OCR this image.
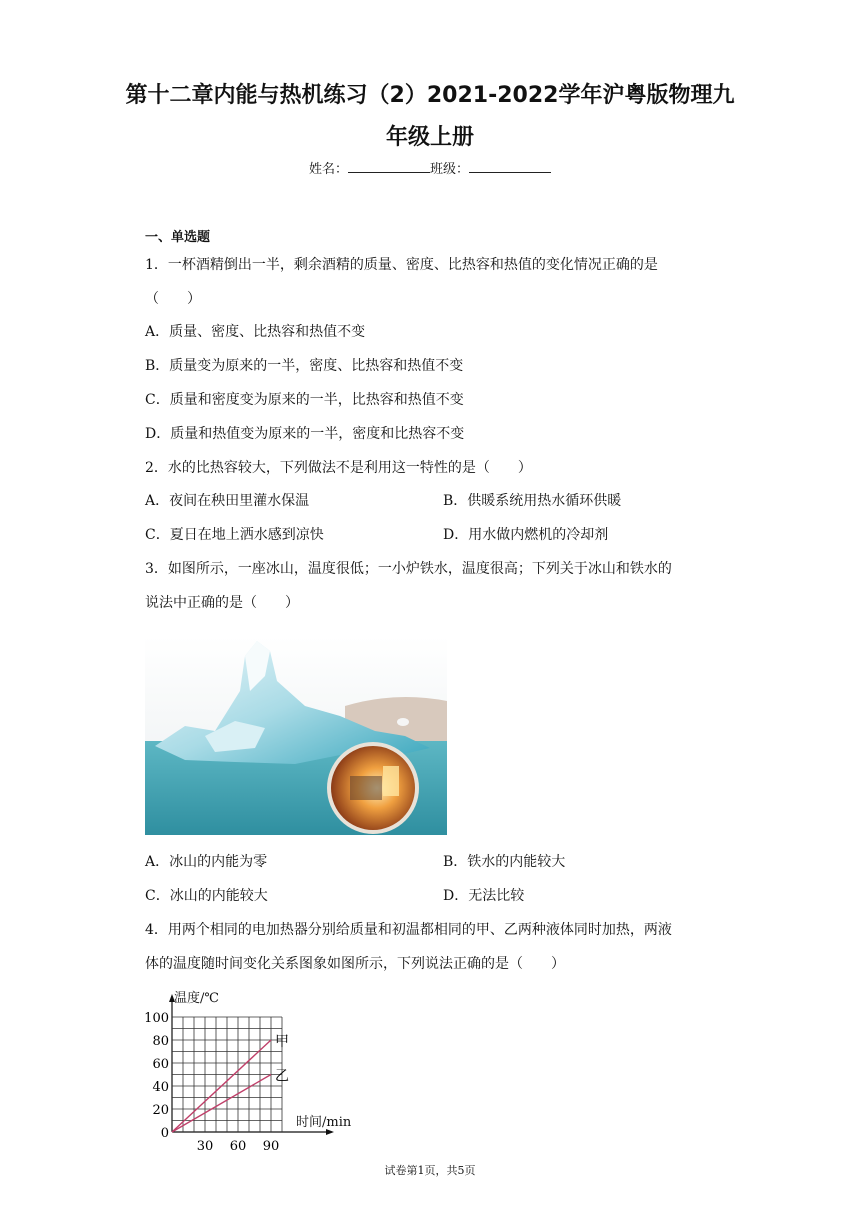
第十二章内能与热机练习（2）2021-2022学年沪粤版物理九
年级上册
姓名：	班级：
一、单选题
1．一杯酒精倒出一半，剩余酒精的质量、密度、比热容和热值的变化情况正确的是
（　　）
A．质量、密度、比热容和热值不变
B．质量变为原来的一半，密度、比热容和热值不变
C．质量和密度变为原来的一半，比热容和热值不变
D．质量和热值变为原来的一半，密度和比热容不变
2．水的比热容较大，下列做法不是利用这一特性的是（　　）
A．夜间在秧田里灌水保温	B．供暖系统用热水循环供暖
C．夏日在地上洒水感到凉快	D．用水做内燃机的冷却剂
3．如图所示，一座冰山，温度很低；一小炉铁水，温度很高；下列关于冰山和铁水的
说法中正确的是（　　）
A．冰山的内能为零	B．铁水的内能较大
C．冰山的内能较大	D．无法比较
4．用两个相同的电加热器分别给质量和初温都相同的甲、乙两种液体同时加热，两液
体的温度随时间变化关系图象如图所示，下列说法正确的是（　　）
温度/℃
时间/min
0
20
40
60
80
100
30 60 90
甲
乙
试卷第1页，共5页
